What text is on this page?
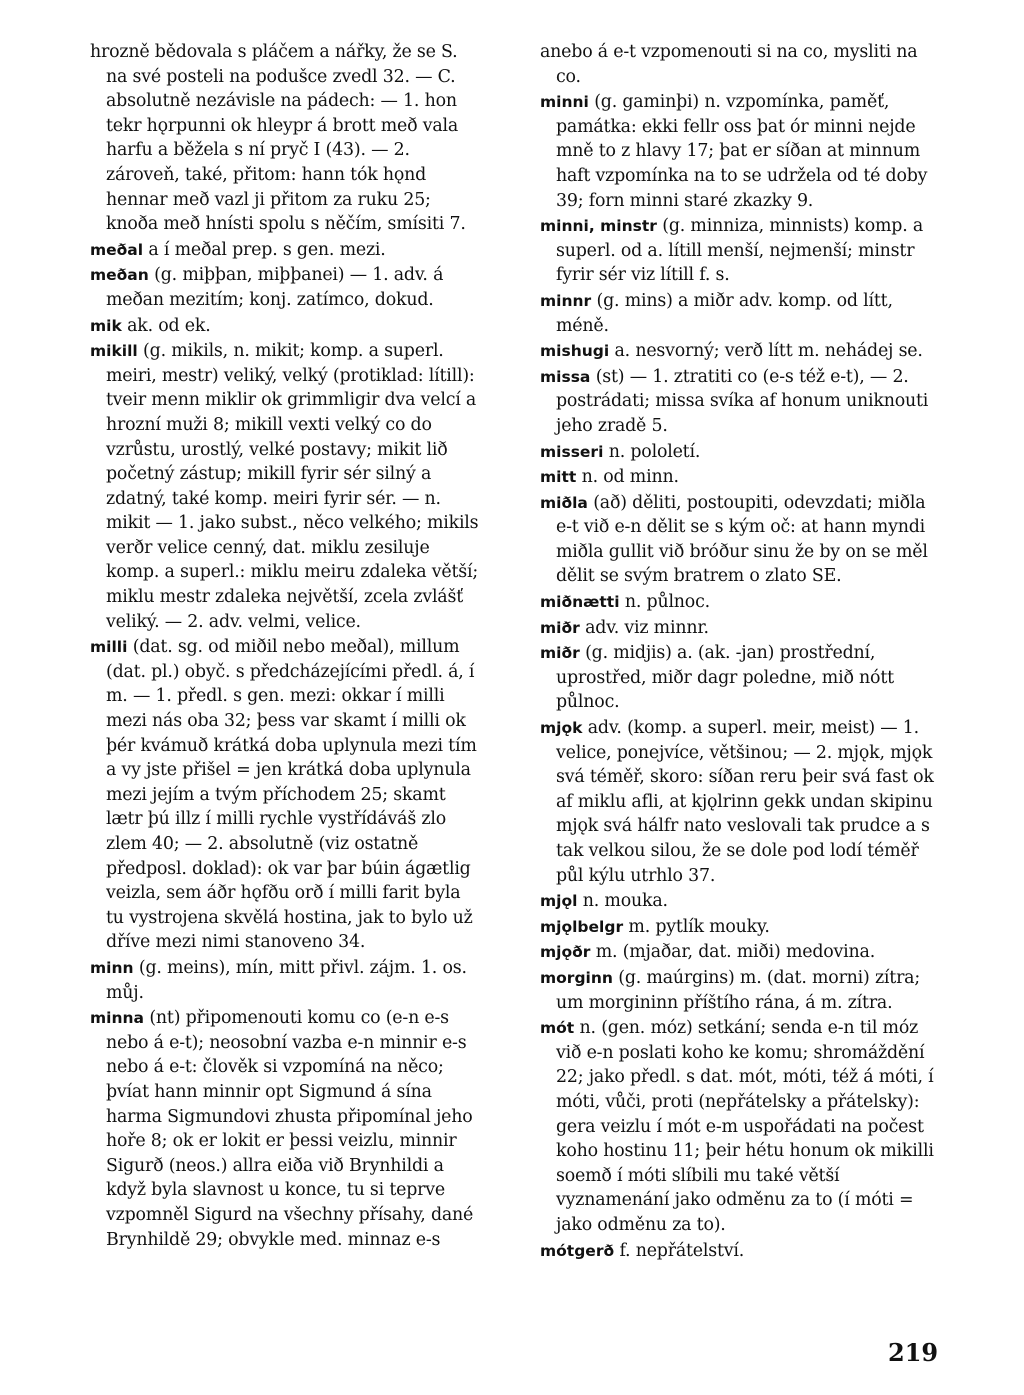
hrozně bědovala s pláčem a nářky, že se S. na své posteli na podušce zvedl 32. — C. absolutně nezávisle na pádech: — 1. hon tekr hǫrpunni ok hleypr á brott með vala harfu a běžela s ní pryč I (43). — 2. zároveň, také, přitom: hann tók hǫnd hennar með vazl ji přitom za ruku 25; knoða með hnísti spolu s něčím, smísiti 7.

meðal a í meðal prep. s gen. mezi.

meðan (g. miþþan, miþþanei) — 1. adv. á meðan mezitím; konj. zatímco, dokud.

mik ak. od ek.

mikill (g. mikils, n. mikit; komp. a superl. meiri, mestr) veliký, velký (protiklad: lítill): tveir menn miklir ok grimmligir dva velcí a hrozní muži 8; mikill vexti velký co do vzrůstu, urostlý, velké postavy; mikit lið početný zástup; mikill fyrir sér silný a zdatný, také komp. meiri fyrir sér. — n. mikit — 1. jako subst., něco velkého; mikils verðr velice cenný, dat. miklu zesiluje komp. a superl.: miklu meiru zdaleka větší; miklu mestr zdaleka největší, zcela zvlášť veliký. — 2. adv. velmi, velice.

milli (dat. sg. od miðil nebo meðal), millum (dat. pl.) obyč. s předcházejícími předl. á, í m. — 1. předl. s gen. mezi: okkar í milli mezi nás oba 32; þess var skamt í milli ok þér kvámuð krátká doba uplynula mezi tím a vy jste přišel = jen krátká doba uplynula mezi jejím a tvým příchodem 25; skamt lætr þú illz í milli rychle vystřídáváš zlo zlem 40; — 2. absolutně (viz ostatně předposl. doklad): ok var þar búin ágætlig veizla, sem áðr hǫfðu orð í milli farit byla tu vystrojena skvělá hostina, jak to bylo už dříve mezi nimi stanoveno 34.

minn (g. meins), mín, mitt přivl. zájm. 1. os. můj.

minna (nt) připomenouti komu co (e-n e-s nebo á e-t); neosobní vazba e-n minnir e-s nebo á e-t: člověk si vzpomíná na něco; þvíat hann minnir opt Sigmund á sína harma Sigmundovi zhusta připomínal jeho hoře 8; ok er lokit er þessi veizlu, minnir Sigurð (neos.) allra eiða við Brynhildi a když byla slavnost u konce, tu si teprve vzpomněl Sigurd na všechny přísahy, dané Brynhildě 29; obvykle med. minnaz e-s

anebo á e-t vzpomenouti si na co, mysliti na co.

minni (g. gaminþi) n. vzpomínka, paměť, památka: ekki fellr oss þat ór minni nejde mně to z hlavy 17; þat er síðan at minnum haft vzpomínka na to se udržela od té doby 39; forn minni staré zkazky 9.

minni, minstr (g. minniza, minnists) komp. a superl. od a. lítill menší, nejmenší; minstr fyrir sér viz lítill f. s.

minnr (g. mins) a miðr adv. komp. od lítt, méně.

mishugi a. nesvorný; verð lítt m. nehádej se.

missa (st) — 1. ztratiti co (e-s též e-t), — 2. postrádati; missa svíka af honum uniknouti jeho zradě 5.

misseri n. pololetí.

mitt n. od minn.

miðla (að) děliti, postoupiti, odevzdati; miðla e-t við e-n dělit se s kým oč: at hann myndi miðla gullit við bróður sinu že by on se měl dělit se svým bratrem o zlato SE.

miðnætti n. půlnoc.

miðr adv. viz minnr.

miðr (g. midjis) a. (ak. -jan) prostřední, uprostřed, miðr dagr poledne, mið nótt půlnoc.

mjǫk adv. (komp. a superl. meir, meist) — 1. velice, ponejvíce, většinou; — 2. mjǫk, mjǫk svá téměř, skoro: síðan reru þeir svá fast ok af miklu afli, at kjǫlrinn gekk undan skipinu mjǫk svá hálfr nato veslovali tak prudce a s tak velkou silou, že se dole pod lodí téměř půl kýlu utrhlo 37.

mjǫl n. mouka.

mjǫlbelgr m. pytlík mouky.

mjǫðr m. (mjaðar, dat. miði) medovina.

morginn (g. maúrgins) m. (dat. morni) zítra; um morgininn příštího rána, á m. zítra.

mót n. (gen. móz) setkání; senda e-n til móz við e-n poslati koho ke komu; shromáždění 22; jako předl. s dat. mót, móti, též á móti, í móti, vůči, proti (nepřátelsky a přátelsky): gera veizlu í mót e-m uspořádati na počest koho hostinu 11; þeir hétu honum ok mikilli soemð í móti slíbili mu také větší vyznamenání jako odměnu za to (í móti = jako odměnu za to).

mótgerð f. nepřátelství.

219
